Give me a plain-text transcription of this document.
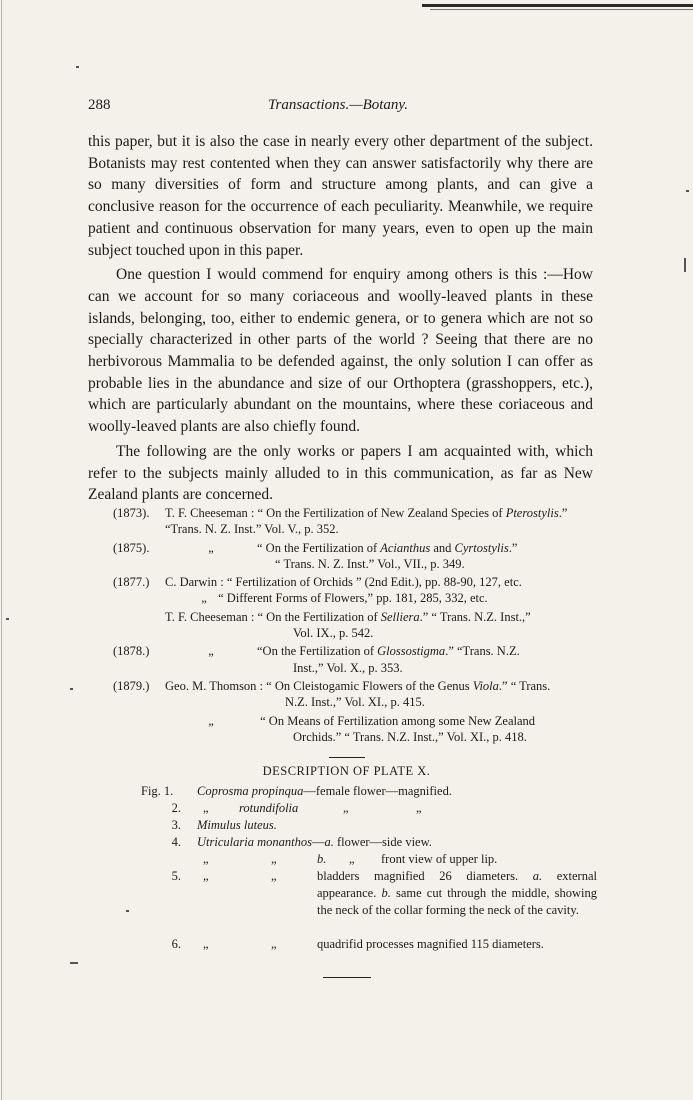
288	Transactions.—Botany.

this paper, but it is also the case in nearly every other department of the subject. Botanists may rest contented when they can answer satisfactorily why there are so many diversities of form and structure among plants, and can give a conclusive reason for the occurrence of each peculiarity. Meanwhile, we require patient and continuous observation for many years, even to open up the main subject touched upon in this paper.

One question I would commend for enquiry among others is this :—How can we account for so many coriaceous and woolly-leaved plants in these islands, belonging, too, either to endemic genera, or to genera which are not so specially characterized in other parts of the world ? Seeing that there are no herbivorous Mammalia to be defended against, the only solution I can offer as probable lies in the abundance and size of our Orthoptera (grasshoppers, etc.), which are particularly abundant on the mountains, where these coriaceous and woolly-leaved plants are also chiefly found.

The following are the only works or papers I am acquainted with, which refer to the subjects mainly alluded to in this communication, as far as New Zealand plants are concerned.

(1873).	T. F. Cheeseman : “ On the Fertilization of New Zealand Species of Pterostylis.” “Trans. N. Z. Inst.” Vol. V., p. 352.
(1875).	„	“ On the Fertilization of Acianthus and Cyrtostylis.”
“ Trans. N. Z. Inst.” Vol., VII., p. 349.
(1877.)	C. Darwin : “ Fertilization of Orchids ” (2nd Edit.), pp. 88-90, 127, etc.
„ “ Different Forms of Flowers,” pp. 181, 285, 332, etc.
T. F. Cheeseman : “ On the Fertilization of Selliera.” “ Trans. N.Z. Inst.,”
Vol. IX., p. 542.
(1878.)	„	“On the Fertilization of Glossostigma.” “Trans. N.Z.
Inst.,” Vol. X., p. 353.
(1879.)	Geo. M. Thomson : “ On Cleistogamic Flowers of the Genus Viola.” “ Trans.
N.Z. Inst.,” Vol. XI., p. 415.
„	“ On Means of Fertilization among some New Zealand
Orchids.” “ Trans. N.Z. Inst.,” Vol. XI., p. 418.
DESCRIPTION OF PLATE X.
Fig. 1.	Coprosma propinqua—female flower—magnified.
2. „ rotundifolia	„	„
3. Mimulus luteus.
4. Utricularia monanthos—a. flower—side view.
„	„	b. „ front view of upper lip.
5. „	„	bladders magnified 26 diameters. a. external appearance. b. same cut through the middle, showing the neck of the collar forming the neck of the cavity.
6. „	„	quadrifid processes magnified 115 diameters.
